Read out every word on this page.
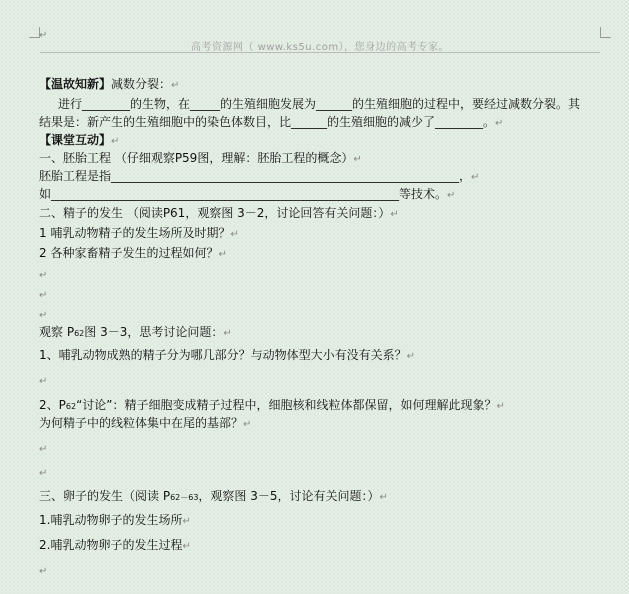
高考资源网（ www.ks5u.com），您身边的高考专家。
↵
【温故知新】减数分裂：↵
进行________的生物，在_____的生殖细胞发展为______的生殖细胞的过程中，要经过减数分裂。其
结果是：新产生的生殖细胞中的染色体数目，比______的生殖细胞的减少了________。↵
【课堂互动】↵
一、胚胎工程 （仔细观察P59图，理解：胚胎工程的概念）↵
胚胎工程是指__________________________________________________________，↵
如__________________________________________________________等技术。↵
二、精子的发生 （阅读P61，观察图 3－2，讨论回答有关问题：）↵
1 哺乳动物精子的发生场所及时期？↵
2 各种家畜精子发生的过程如何？↵
↵
↵
↵
观察 P62图 3－3，思考讨论问题：↵
1、哺乳动物成熟的精子分为哪几部分？与动物体型大小有没有关系？↵
↵
2、P62“讨论”：精子细胞变成精子过程中，细胞核和线粒体都保留，如何理解此现象？↵
为何精子中的线粒体集中在尾的基部？↵
↵
↵
三、卵子的发生（阅读 P62－63，观察图 3－5，讨论有关问题：）↵
1.哺乳动物卵子的发生场所↵
2.哺乳动物卵子的发生过程↵
↵
